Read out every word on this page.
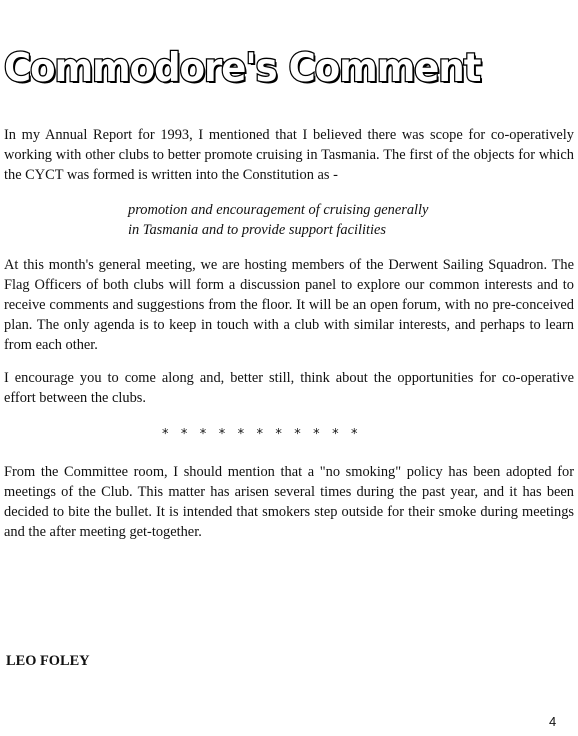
Commodore's Comment

In my Annual Report for 1993, I mentioned that I believed there was scope for co-operatively working with other clubs to better promote cruising in Tasmania. The first of the objects for which the CYCT was formed is written into the Constitution as -

promotion and encouragement of cruising generally
in Tasmania and to provide support facilities

At this month's general meeting, we are hosting members of the Derwent Sailing Squadron. The Flag Officers of both clubs will form a discussion panel to explore our common interests and to receive comments and suggestions from the floor. It will be an open forum, with no pre-conceived plan. The only agenda is to keep in touch with a club with similar interests, and perhaps to learn from each other.

I encourage you to come along and, better still, think about the opportunities for co-operative effort between the clubs.

*   *   *   *   *   *   *   *   *   *   *

From the Committee room, I should mention that a "no smoking" policy has been adopted for meetings of the Club. This matter has arisen several times during the past year, and it has been decided to bite the bullet. It is intended that smokers step outside for their smoke during meetings and the after meeting get-together.

LEO FOLEY

4
